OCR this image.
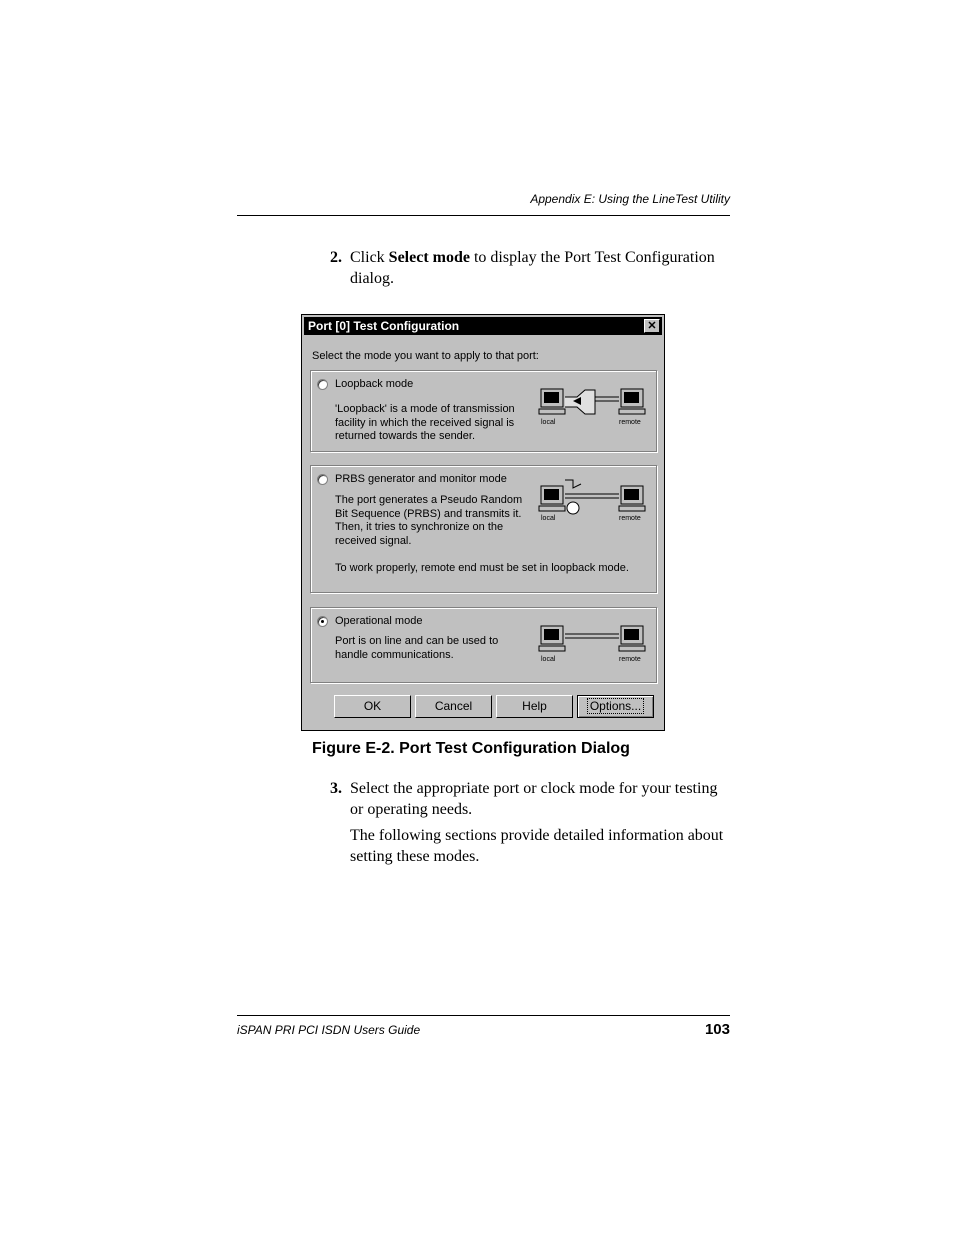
Appendix E: Using the LineTest Utility
2. Click Select mode to display the Port Test Configuration dialog.
Port [0] Test Configuration	✕
Select the mode you want to apply to that port:
Loopback mode
'Loopback' is a mode of transmission facility in which the received signal is returned towards the sender.
local	remote
PRBS generator and monitor mode
The port generates a Pseudo Random Bit Sequence (PRBS) and transmits it. Then, it tries to synchronize on the received signal.
To work properly, remote end must be set in loopback mode.
local	remote
Operational mode
Port is on line and can be used to handle communications.	local	remote
OK	Cancel	Help	Options...
Figure E-2. Port Test Configuration Dialog
3. Select the appropriate port or clock mode for your testing or operating needs.
The following sections provide detailed information about setting these modes.
iSPAN PRI PCI ISDN Users Guide	103
